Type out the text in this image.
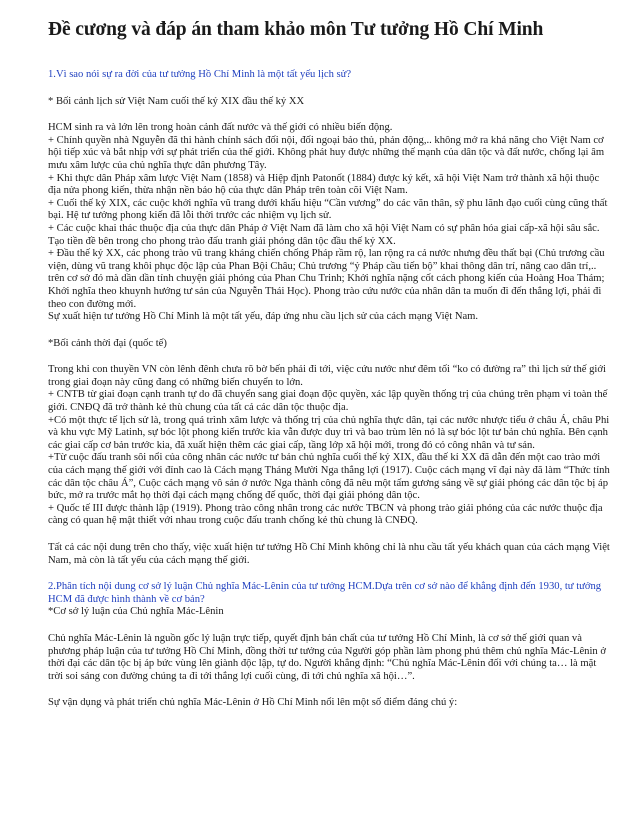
Đề cương và đáp án tham khảo môn Tư tưởng Hồ Chí Minh

1.Vì sao nói sự ra đời của tư tưởng Hồ Chí Minh là một tất yếu lịch sử?

* Bối cảnh lịch sử Việt Nam cuối thế kỷ XIX đầu thế kỷ XX

HCM sinh ra và lớn lên trong hoàn cảnh đất nước và thế giới có nhiều biến động.

+ Chính quyền nhà Nguyễn đã thi hành chính sách đối nội, đối ngoại bảo thủ, phản động,.. không mở ra khả năng cho Việt Nam cơ hội tiếp xúc và bắt nhịp với sự phát triển của thế giới. Không phát huy được những thế mạnh của dân tộc và đất nước, chống lại âm mưu xâm lược của chủ nghĩa thực dân phương Tây.

+ Khi thực dân Pháp xâm lược Việt Nam (1858) và Hiệp định Patonốt (1884) được ký kết, xã hội Việt Nam trở thành xã hội thuộc địa nửa phong kiến, thừa nhận nền bảo hộ của thực dân Pháp trên toàn cõi Việt Nam.

+ Cuối thế kỷ XIX, các cuộc khởi nghĩa vũ trang dưới khẩu hiệu “Cần vương” do các văn thân, sỹ phu lãnh đạo cuối cùng cũng thất bại. Hệ tư tưởng phong kiến đã lỗi thời trước các nhiệm vụ lịch sử.

+ Các cuộc khai thác thuộc địa của thực dân Pháp ở Việt Nam đã làm cho xã hội Việt Nam có sự phân hóa giai cấp-xã hội sâu sắc. Tạo tiền đề bên trong cho phong trào đấu tranh giải phóng dân tộc đầu thế kỷ XX.

+ Đầu thế kỷ XX, các phong trào vũ trang kháng chiến chống Pháp rầm rộ, lan rộng ra cả nước nhưng đều thất bại (Chủ trương cầu viện, dùng vũ trang khôi phục độc lập của Phan Bội Châu; Chủ trương “ỷ Pháp cầu tiến bộ” khai thông dân trí, nâng cao dân trí,.. trên cơ sở đó mà dần dần tính chuyện giải phóng của Phan Chu Trinh; Khởi nghĩa nặng cốt cách phong kiến của Hoàng Hoa Thám; Khởi nghĩa theo khuynh hướng tư sản của Nguyễn Thái Học). Phong trào cứu nước của nhân dân ta muốn đi đến thắng lợi, phải đi theo con đường mới.

Sự xuất hiện tư tưởng Hồ Chí Minh là một tất yếu, đáp ứng nhu cầu lịch sử của cách mạng Việt Nam.

*Bối cảnh thời đại (quốc tế)

Trong khi con thuyền VN còn lênh đênh chưa rõ bờ bến phải đi tới, việc cứu nước như đêm tối “ko có đường ra” thì lịch sử thế giới trong giai đoạn này cũng đang có những biến chuyển to lớn.

+ CNTB từ giai đoạn cạnh tranh tự do đã chuyển sang giai đoạn độc quyền, xác lập quyền thống trị của chúng trên phạm vi toàn thế giới. CNĐQ đã trở thành kẻ thù chung của tất cả các dân tộc thuộc địa.

+Có một thực tế lịch sử là, trong quá trình xâm lược và thống trị của chủ nghĩa thực dân, tại các nước nhược tiểu ở châu Á, châu Phi và khu vực Mỹ Latinh, sự bóc lột phong kiến trước kia vẫn được duy trì và bao trùm lên nó là sự bóc lột tư bản chủ nghĩa. Bên cạnh các giai cấp cơ bản trước kia, đã xuất hiện thêm các giai cấp, tầng lớp xã hội mới, trong đó có công nhân và tư sản.

+Từ cuộc đấu tranh sôi nổi của công nhân các nước tư bản chủ nghĩa cuối thế kỷ XIX, đầu thế kỉ XX đã dẫn đến một cao trào mới của cách mạng thế giới với đỉnh cao là Cách mạng Tháng Mười Nga thắng lợi (1917). Cuộc cách mạng vĩ đại này đã làm “Thức tỉnh các dân tộc châu Á”, Cuộc cách mạng vô sản ở nước Nga thành công đã nêu một tấm gương sáng về sự giải phóng các dân tộc bị áp bức, mở ra trước mắt họ thời đại cách mạng chống đế quốc, thời đại giải phóng dân tộc.

+ Quốc tế III được thành lập (1919). Phong trào công nhân trong các nước TBCN và phong trào giải phóng của các nước thuộc địa càng có quan hệ mật thiết với nhau trong cuộc đấu tranh chống kẻ thù chung là CNĐQ.

Tất cả các nội dung trên cho thấy, việc xuất hiện tư tưởng Hồ Chí Minh không chỉ là nhu cầu tất yếu khách quan của cách mạng Việt Nam, mà còn là tất yếu của cách mạng thế giới.

2.Phân tích nội dung cơ sở lý luận Chủ nghĩa Mác-Lênin của tư tưởng HCM.Dựa trên cơ sở nào để khẳng định đến 1930, tư tưởng HCM đã được hình thành về cơ bản?

*Cơ sở lý luận của Chủ nghĩa Mác-Lênin

Chủ nghĩa Mác-Lênin là nguồn gốc lý luận trực tiếp, quyết định bản chất của tư tưởng Hồ Chí Minh, là cơ sở thế giới quan và phương pháp luận của tư tưởng Hồ Chí Minh, đồng thời tư tưởng của Người góp phần làm phong phú thêm chủ nghĩa Mác-Lênin ở thời đại các dân tộc bị áp bức vùng lên giành độc lập, tự do. Người khẳng định: “Chủ nghĩa Mác-Lênin đối với chúng ta… là mặt trời soi sáng con đường chúng ta đi tới thắng lợi cuối cùng, đi tới chủ nghĩa xã hội…”.

Sự vận dụng và phát triển chủ nghĩa Mác-Lênin ở Hồ Chí Minh nổi lên một số điểm đáng chú ý:
